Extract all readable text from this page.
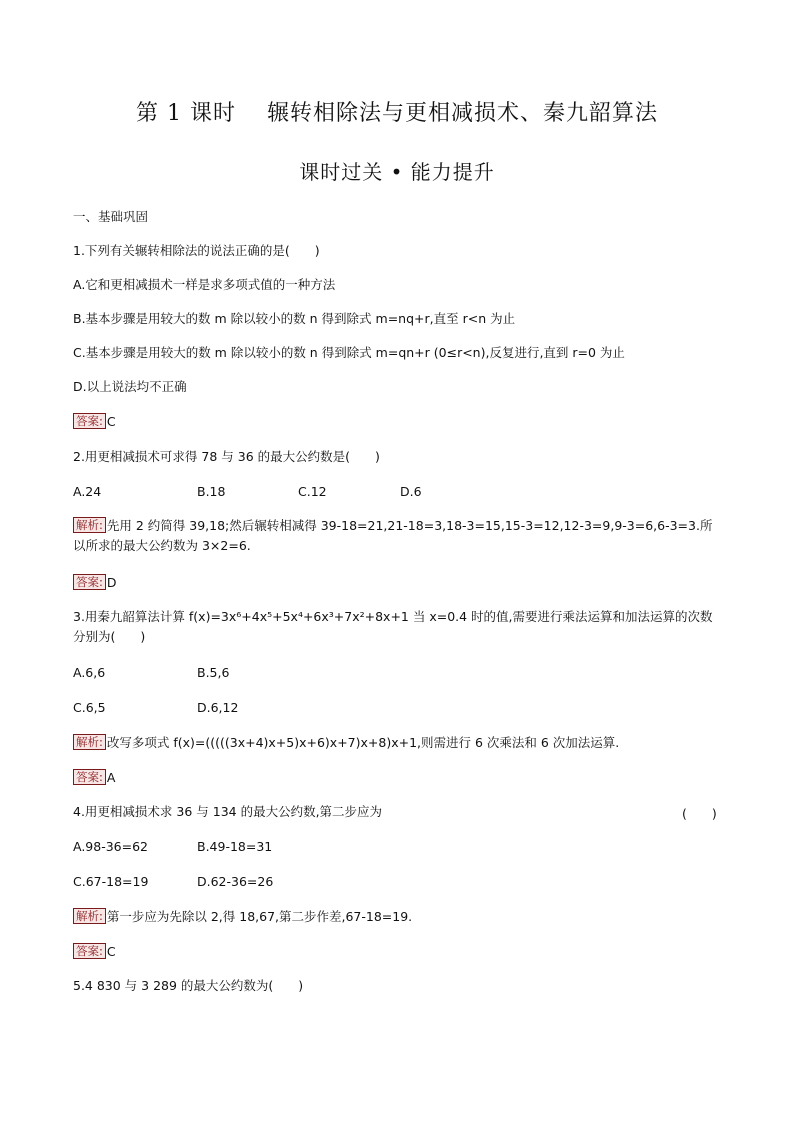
第 1 课时　 辗转相除法与更相减损术、秦九韶算法
课时过关 • 能力提升
一、基础巩固
1.下列有关辗转相除法的说法正确的是(　　)
A.它和更相减损术一样是求多项式值的一种方法
B.基本步骤是用较大的数 m 除以较小的数 n 得到除式 m=nq+r,直至 r<n 为止
C.基本步骤是用较大的数 m 除以较小的数 n 得到除式 m=qn+r (0≤r<n),反复进行,直到 r=0 为止
D.以上说法均不正确
答案: C
2.用更相减损术可求得 78 与 36 的最大公约数是(　　)
A.24	B.18	C.12	D.6
解析: 先用 2 约简得 39,18;然后辗转相减得 39-18=21,21-18=3,18-3=15,15-3=12,12-3=9,9-3=6,6-3=3.所以所求的最大公约数为 3×2=6.
答案: D
3.用秦九韶算法计算 f(x)=3x⁶+4x⁵+5x⁴+6x³+7x²+8x+1 当 x=0.4 时的值,需要进行乘法运算和加法运算的次数分别为(　　)
A.6,6	B.5,6
C.6,5	D.6,12
解析: 改写多项式 f(x)=(((((3x+4)x+5)x+6)x+7)x+8)x+1,则需进行 6 次乘法和 6 次加法运算.
答案: A
4.用更相减损术求 36 与 134 的最大公约数,第二步应为	(　　)
A.98-36=62	B.49-18=31
C.67-18=19	D.62-36=26
解析: 第一步应为先除以 2,得 18,67,第二步作差,67-18=19.
答案: C
5.4 830 与 3 289 的最大公约数为(　　)
